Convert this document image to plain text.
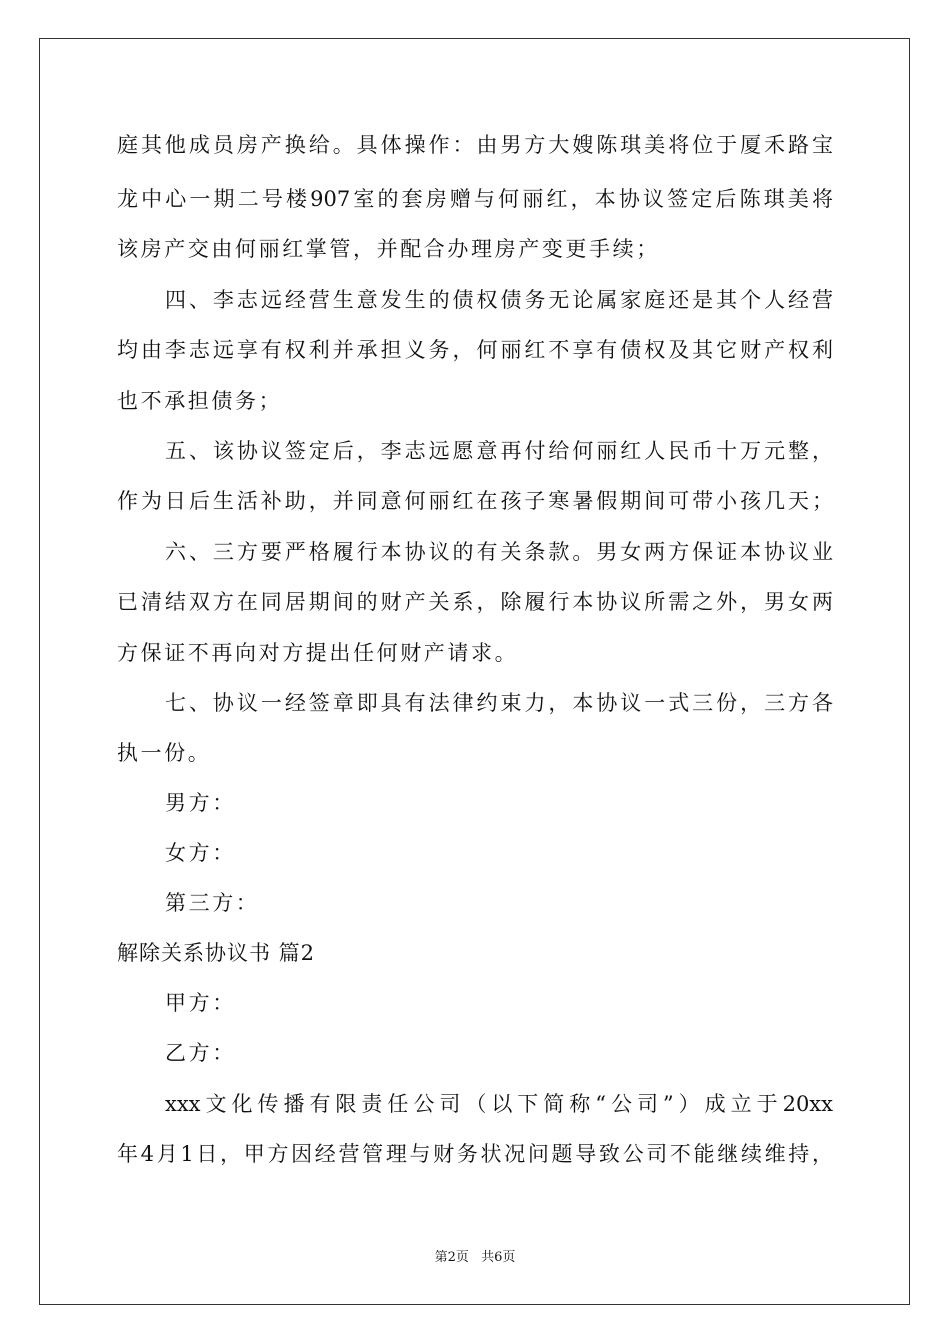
庭其他成员房产换给。具体操作：由男方大嫂陈琪美将位于厦禾路宝
龙中心一期二号楼907室的套房赠与何丽红，本协议签定后陈琪美将
该房产交由何丽红掌管，并配合办理房产变更手续；
四、李志远经营生意发生的债权债务无论属家庭还是其个人经营
均由李志远享有权利并承担义务，何丽红不享有债权及其它财产权利
也不承担债务；
五、该协议签定后，李志远愿意再付给何丽红人民币十万元整，
作为日后生活补助，并同意何丽红在孩子寒暑假期间可带小孩几天；
六、三方要严格履行本协议的有关条款。男女两方保证本协议业
已清结双方在同居期间的财产关系，除履行本协议所需之外，男女两
方保证不再向对方提出任何财产请求。
七、协议一经签章即具有法律约束力，本协议一式三份，三方各
执一份。
男方：
女方：
第三方：
解除关系协议书 篇2
甲方：
乙方：
xxx文化传播有限责任公司（以下简称“公司”）成立于20xx
年4月1日，甲方因经营管理与财务状况问题导致公司不能继续维持，
第2页 共6页
